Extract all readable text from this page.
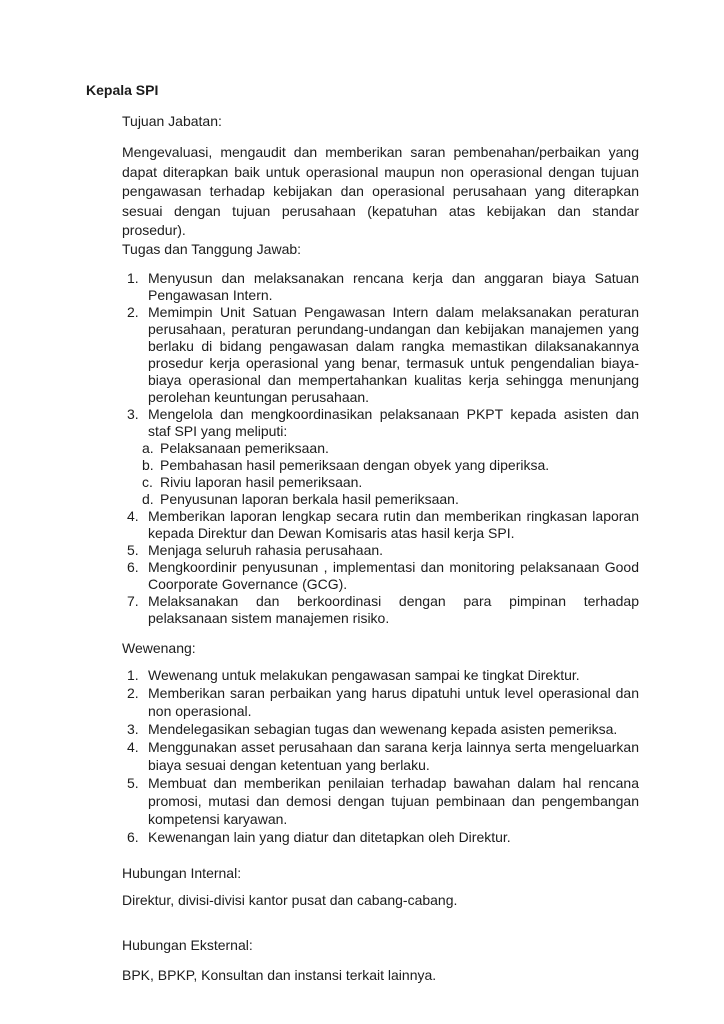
Kepala SPI
Tujuan Jabatan:

Mengevaluasi, mengaudit dan memberikan saran pembenahan/perbaikan yang dapat diterapkan baik untuk operasional maupun non operasional dengan tujuan pengawasan terhadap kebijakan dan operasional perusahaan yang diterapkan sesuai dengan tujuan perusahaan (kepatuhan atas kebijakan dan standar prosedur).

Tugas dan Tanggung Jawab:
1. Menyusun dan melaksanakan rencana kerja dan anggaran biaya Satuan Pengawasan Intern.
2. Memimpin Unit Satuan Pengawasan Intern dalam melaksanakan peraturan perusahaan, peraturan perundang-undangan dan kebijakan manajemen yang berlaku di bidang pengawasan dalam rangka memastikan dilaksanakannya prosedur kerja operasional yang benar, termasuk untuk pengendalian biaya-biaya operasional dan mempertahankan kualitas kerja sehingga menunjang perolehan keuntungan perusahaan.
3. Mengelola dan mengkoordinasikan pelaksanaan PKPT kepada asisten dan staf SPI yang meliputi:
a. Pelaksanaan pemeriksaan.
b. Pembahasan hasil pemeriksaan dengan obyek yang diperiksa.
c. Riviu laporan hasil pemeriksaan.
d. Penyusunan laporan berkala hasil pemeriksaan.
4. Memberikan laporan lengkap secara rutin dan memberikan ringkasan laporan kepada Direktur dan Dewan Komisaris atas hasil kerja SPI.
5. Menjaga seluruh rahasia perusahaan.
6. Mengkoordinir penyusunan , implementasi dan monitoring pelaksanaan Good Coorporate Governance (GCG).
7. Melaksanakan dan berkoordinasi dengan para pimpinan terhadap pelaksanaan sistem manajemen risiko.
Wewenang:
1. Wewenang untuk melakukan pengawasan sampai ke tingkat Direktur.
2. Memberikan saran perbaikan yang harus dipatuhi untuk level operasional dan non operasional.
3. Mendelegasikan sebagian tugas dan wewenang kepada asisten pemeriksa.
4. Menggunakan asset perusahaan dan sarana kerja lainnya serta mengeluarkan biaya sesuai dengan ketentuan yang berlaku.
5. Membuat dan memberikan penilaian terhadap bawahan dalam hal rencana promosi, mutasi dan demosi dengan tujuan pembinaan dan pengembangan kompetensi karyawan.
6. Kewenangan lain yang diatur dan ditetapkan oleh Direktur.
Hubungan Internal:

Direktur, divisi-divisi kantor pusat dan cabang-cabang.

Hubungan Eksternal:

BPK, BPKP, Konsultan dan instansi terkait lainnya.
